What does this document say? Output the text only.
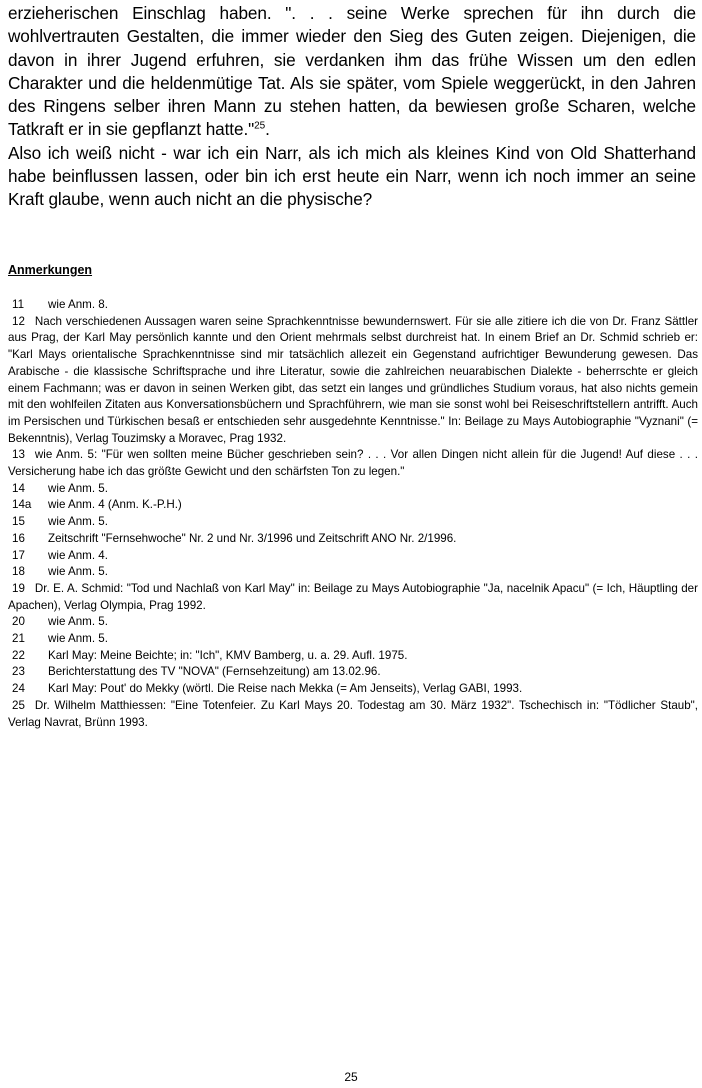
erzieherischen Einschlag haben. ". . . seine Werke sprechen für ihn durch die wohlvertrauten Gestalten, die immer wieder den Sieg des Guten zeigen. Diejenigen, die davon in ihrer Jugend erfuhren, sie verdanken ihm das frühe Wissen um den edlen Charakter und die heldenmütige Tat. Als sie später, vom Spiele weggerückt, in den Jahren des Ringens selber ihren Mann zu stehen hatten, da bewiesen große Scharen, welche Tatkraft er in sie gepflanzt hatte."$^{25}$.

Also ich weiß nicht - war ich ein Narr, als ich mich als kleines Kind von Old Shatterhand habe beinflussen lassen, oder bin ich erst heute ein Narr, wenn ich noch immer an seine Kraft glaube, wenn auch nicht an die physische?

Anmerkungen
11	wie Anm. 8.
12 Nach verschiedenen Aussagen waren seine Sprachkenntnisse bewundernswert. Für sie alle zitiere ich die von Dr. Franz Sättler aus Prag, der Karl May persönlich kannte und den Orient mehrmals selbst durchreist hat. In einem Brief an Dr. Schmid schrieb er: "Karl Mays orientalische Sprachkenntnisse sind mir tatsächlich allezeit ein Gegenstand aufrichtiger Bewunderung gewesen. Das Arabische - die klassische Schriftsprache und ihre Literatur, sowie die zahlreichen neuarabischen Dialekte - beherrschte er gleich einem Fachmann; was er davon in seinen Werken gibt, das setzt ein langes und gründliches Studium voraus, hat also nichts gemein mit den wohlfeilen Zitaten aus Konversationsbüchern und Sprachführern, wie man sie sonst wohl bei Reiseschriftstellern antrifft. Auch im Persischen und Türkischen besaß er entschieden sehr ausgedehnte Kenntnisse." In: Beilage zu Mays Autobiographie "Vyznani" (= Bekenntnis), Verlag Touzimsky a Moravec, Prag 1932.
13 wie Anm. 5: "Für wen sollten meine Bücher geschrieben sein? . . . Vor allen Dingen nicht allein für die Jugend! Auf diese . . . Versicherung habe ich das größte Gewicht und den schärfsten Ton zu legen."
14	wie Anm. 5.
14a	wie Anm. 4 (Anm. K.-P.H.)
15	wie Anm. 5.
16	Zeitschrift "Fernsehwoche" Nr. 2 und Nr. 3/1996 und Zeitschrift ANO Nr. 2/1996.
17	wie Anm. 4.
18	wie Anm. 5.
19 Dr. E. A. Schmid: "Tod und Nachlaß von Karl May" in: Beilage zu Mays Autobiographie "Ja, nacelnik Apacu" (= Ich, Häuptling der Apachen), Verlag Olympia, Prag 1992.
20	wie Anm. 5.
21	wie Anm. 5.
22	Karl May: Meine Beichte; in: "Ich", KMV Bamberg, u. a. 29. Aufl. 1975.
23	Berichterstattung des TV "NOVA" (Fernsehzeitung) am 13.02.96.
24	Karl May: Pout' do Mekky (wörtl. Die Reise nach Mekka (= Am Jenseits), Verlag GABI, 1993.
25 Dr. Wilhelm Matthiessen: "Eine Totenfeier. Zu Karl Mays 20. Todestag am 30. März 1932". Tschechisch in: "Tödlicher Staub", Verlag Navrat, Brünn 1993.
25
